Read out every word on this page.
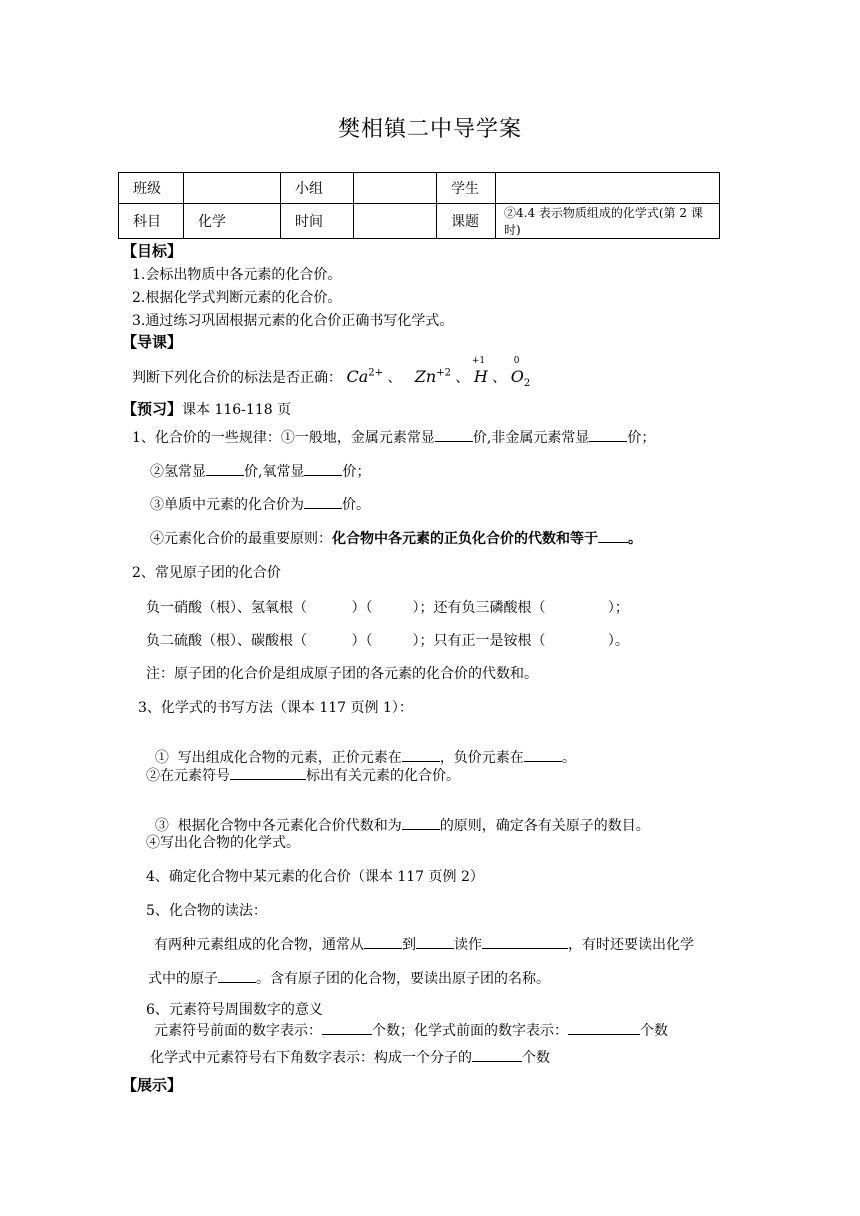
樊相镇二中导学案
班级		小组		学生	
科目	化学	时间		课题	②4.4 表示物质组成的化学式(第 2 课时)
【目标】
1.会标出物质中各元素的化合价。
2.根据化学式判断元素的化合价。
3.通过练习巩固根据元素的化合价正确书写化学式。
【导课】
判断下列化合价的标法是否正确： $Ca^{2+}$ 、 $Zn^{+2}$ 、
+1
H 、
0
$O_2$
【预习】课本 116-118 页
1、化合价的一些规律：①一般地，金属元素常显	价,非金属元素常显	价；
②氢常显	价,氧常显	价；
③单质中元素的化合价为	价。
④元素化合价的最重要原则：化合物中各元素的正负化合价的代数和等于 。
2、常见原子团的化合价
负一硝酸（根）、氢氧根（          ）（         ）；还有负三磷酸根（              ）；
负二硫酸（根）、碳酸根（          ）（         ）；只有正一是铵根（              ）。
注：原子团的化合价是组成原子团的各元素的化合价的代数和。
3、化学式的书写方法（课本 117 页例 1）：

①  写出组成化合物的元素，正价元素在	，负价元素在	。

②在元素符号	标出有关元素的化合价。

③  根据化合物中各元素化合价代数和为	的原则，确定各有关原子的数目。

④写出化合物的化学式。
4、确定化合物中某元素的化合价（课本 117 页例 2）
5、化合物的读法：
有两种元素组成的化合物，通常从	到	读作	，有时还要读出化学
式中的原子	。含有原子团的化合物，要读出原子团的名称。
6、元素符号周围数字的意义
元素符号前面的数字表示：	个数；化学式前面的数字表示：	个数
化学式中元素符号右下角数字表示：构成一个分子的	个数
【展示】
